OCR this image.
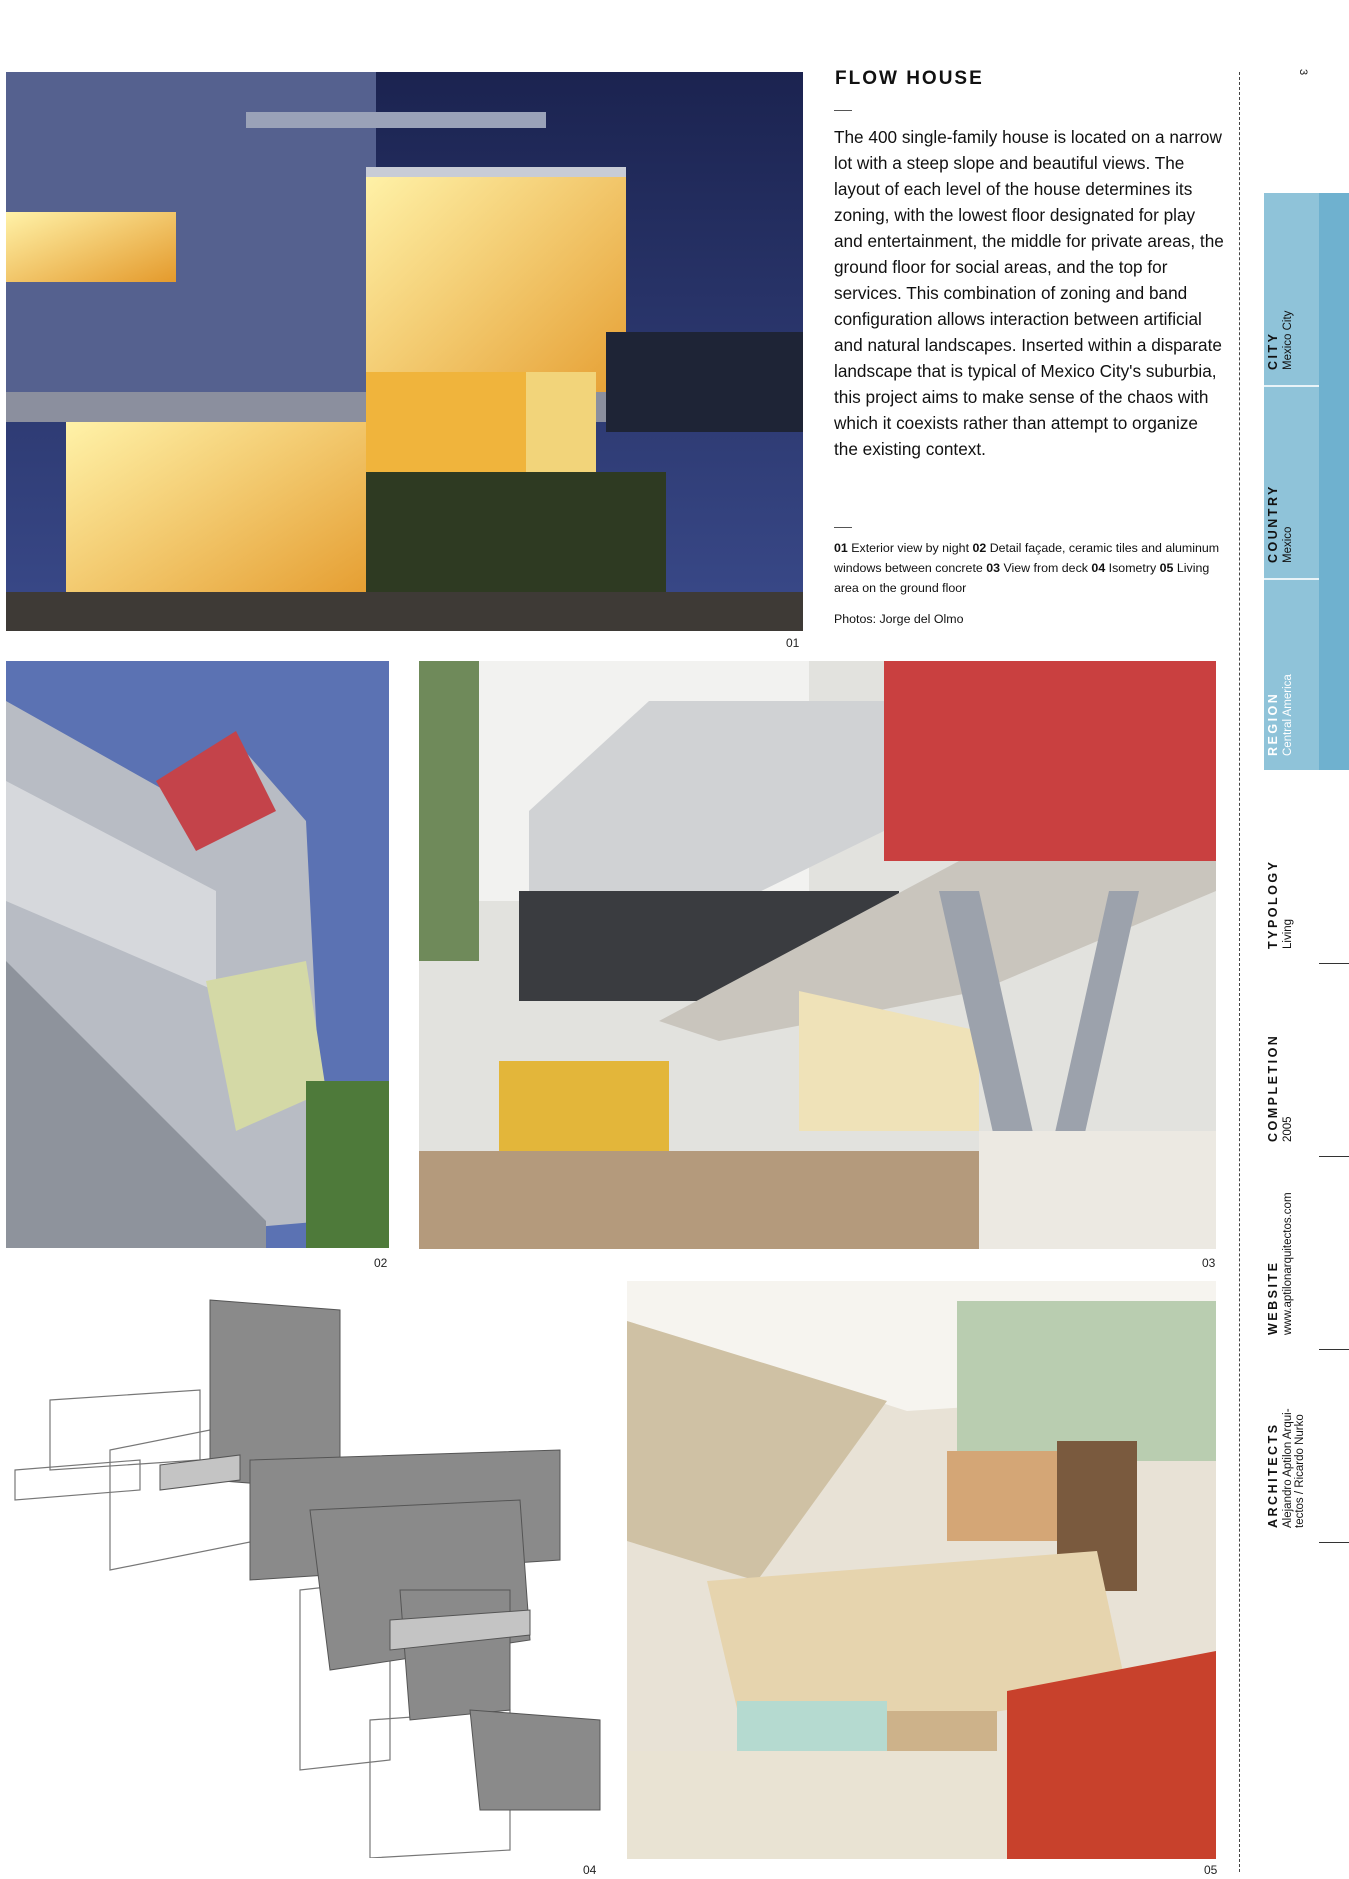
01
FLOW HOUSE

The 400 single-family house is located on a narrow lot with a steep slope and beautiful views. The layout of each level of the house determines its zoning, with the lowest floor designated for play and entertainment, the middle for private areas, the ground floor for social areas, and the top for services. This combination of zoning and band configuration allows interaction between artificial and natural landscapes. Inserted within a disparate landscape that is typical of Mexico City's suburbia, this project aims to make sense of the chaos with which it coexists rather than attempt to organize the existing context.

01 Exterior view by night 02 Detail façade, ceramic tiles and aluminum windows between concrete 03 View from deck 04 Isometry 05 Living area on the ground floor

Photos: Jorge del Olmo
02	03
04	05
3
CITY Mexico City
COUNTRY Mexico
REGION Central America
TYPOLOGY Living
COMPLETION 2005
WEBSITE www.aptilonarquitectos.com
ARCHITECTS Alejandro Aptilon Arqui- tectos / Ricardo Nurko
